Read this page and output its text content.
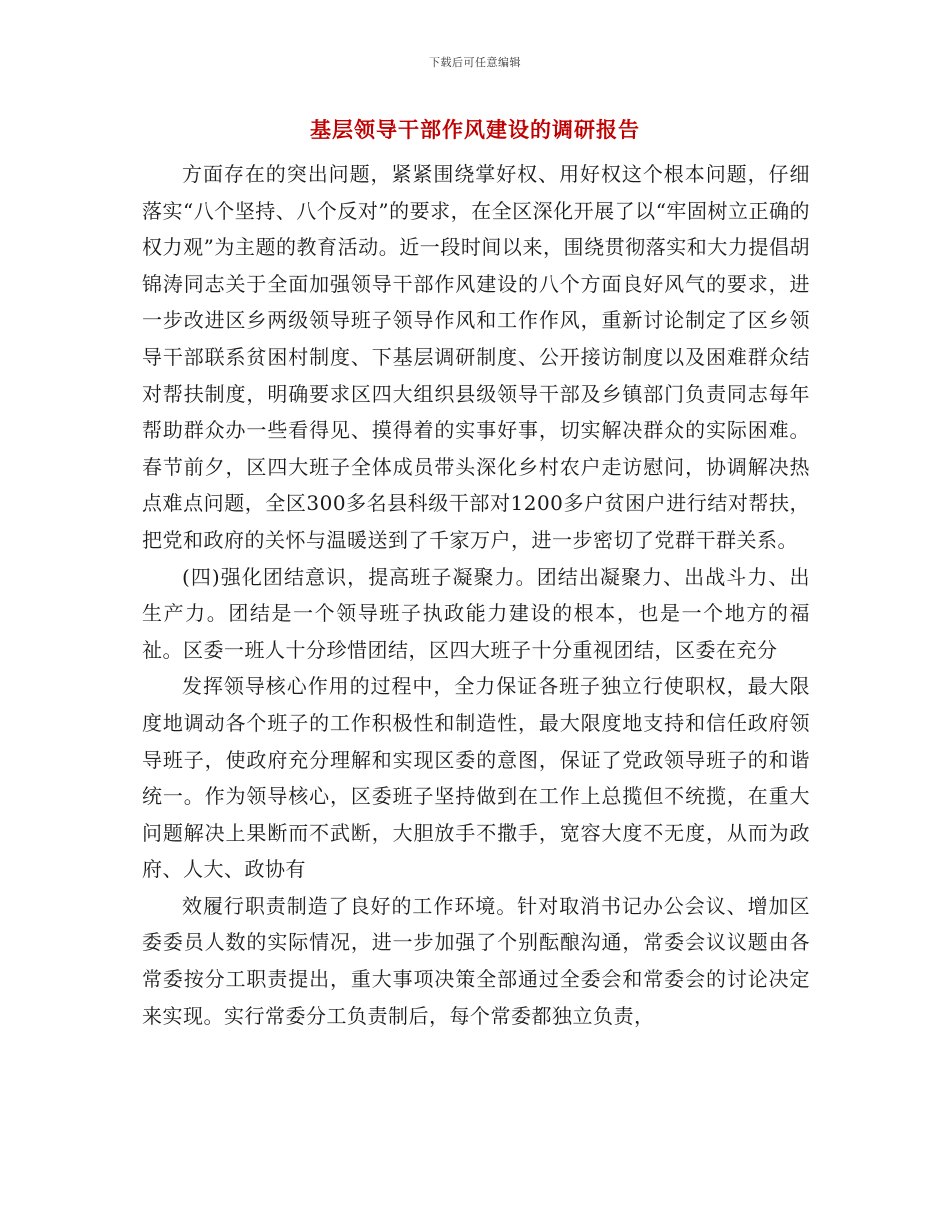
下载后可任意编辑
基层领导干部作风建设的调研报告

方面存在的突出问题，紧紧围绕掌好权、用好权这个根本问题，仔细落实“八个坚持、八个反对”的要求，在全区深化开展了以“牢固树立正确的权力观”为主题的教育活动。近一段时间以来，围绕贯彻落实和大力提倡胡锦涛同志关于全面加强领导干部作风建设的八个方面良好风气的要求，进一步改进区乡两级领导班子领导作风和工作作风，重新讨论制定了区乡领导干部联系贫困村制度、下基层调研制度、公开接访制度以及困难群众结对帮扶制度，明确要求区四大组织县级领导干部及乡镇部门负责同志每年帮助群众办一些看得见、摸得着的实事好事，切实解决群众的实际困难。春节前夕，区四大班子全体成员带头深化乡村农户走访慰问，协调解决热点难点问题，全区300多名县科级干部对1200多户贫困户进行结对帮扶，把党和政府的关怀与温暖送到了千家万户，进一步密切了党群干群关系。

(四)强化团结意识，提高班子凝聚力。团结出凝聚力、出战斗力、出生产力。团结是一个领导班子执政能力建设的根本，也是一个地方的福祉。区委一班人十分珍惜团结，区四大班子十分重视团结，区委在充分

发挥领导核心作用的过程中，全力保证各班子独立行使职权，最大限度地调动各个班子的工作积极性和制造性，最大限度地支持和信任政府领导班子，使政府充分理解和实现区委的意图，保证了党政领导班子的和谐统一。作为领导核心，区委班子坚持做到在工作上总揽但不统揽，在重大问题解决上果断而不武断，大胆放手不撒手，宽容大度不无度，从而为政府、人大、政协有

效履行职责制造了良好的工作环境。针对取消书记办公会议、增加区委委员人数的实际情况，进一步加强了个别酝酿沟通，常委会议议题由各常委按分工职责提出，重大事项决策全部通过全委会和常委会的讨论决定来实现。实行常委分工负责制后，每个常委都独立负责，
